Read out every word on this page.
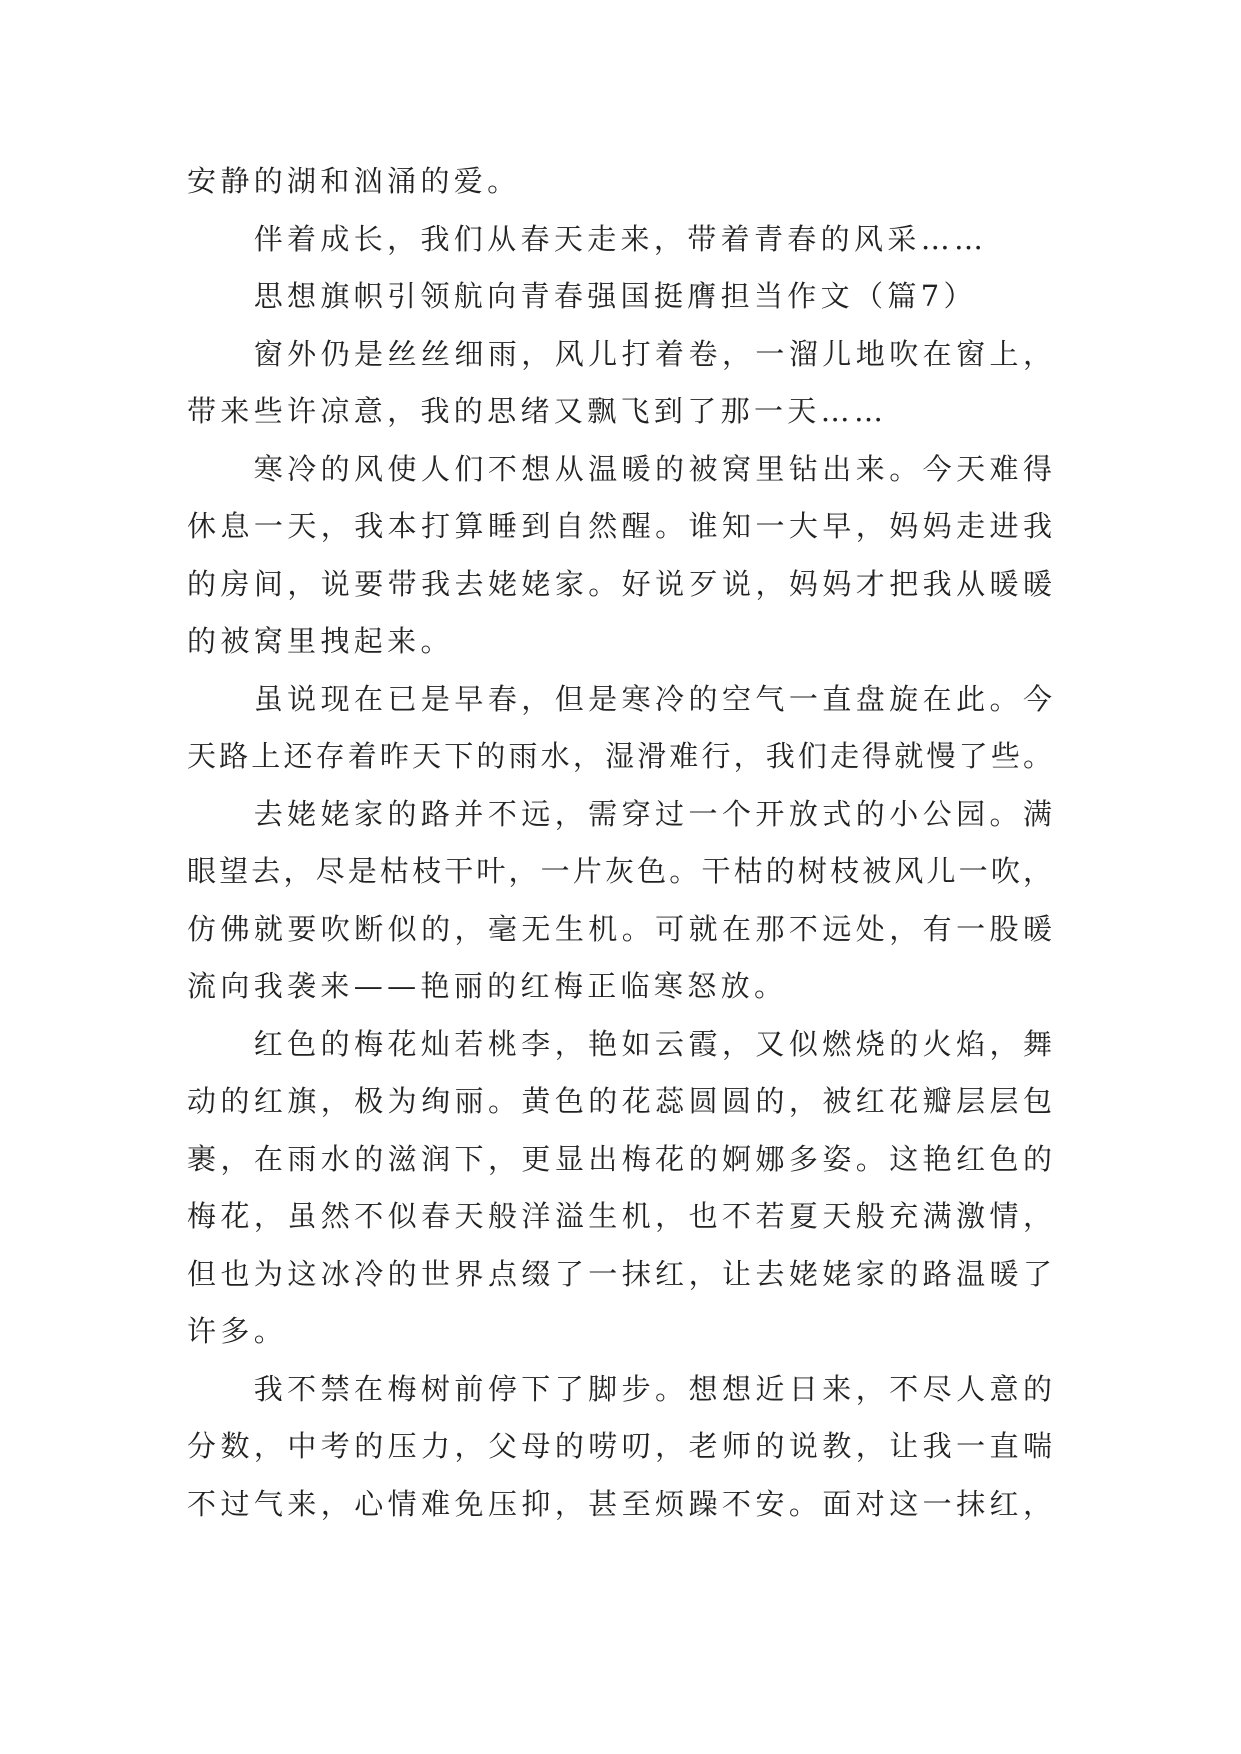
安静的湖和汹涌的爱。
伴着成长，我们从春天走来，带着青春的风采……
思想旗帜引领航向青春强国挺膺担当作文（篇7）
窗外仍是丝丝细雨，风儿打着卷，一溜儿地吹在窗上，
带来些许凉意，我的思绪又飘飞到了那一天……
寒冷的风使人们不想从温暖的被窝里钻出来。今天难得
休息一天，我本打算睡到自然醒。谁知一大早，妈妈走进我
的房间，说要带我去姥姥家。好说歹说，妈妈才把我从暖暖
的被窝里拽起来。
虽说现在已是早春，但是寒冷的空气一直盘旋在此。今
天路上还存着昨天下的雨水，湿滑难行，我们走得就慢了些。
去姥姥家的路并不远，需穿过一个开放式的小公园。满
眼望去，尽是枯枝干叶，一片灰色。干枯的树枝被风儿一吹，
仿佛就要吹断似的，毫无生机。可就在那不远处，有一股暖
流向我袭来——艳丽的红梅正临寒怒放。
红色的梅花灿若桃李，艳如云霞，又似燃烧的火焰，舞
动的红旗，极为绚丽。黄色的花蕊圆圆的，被红花瓣层层包
裹，在雨水的滋润下，更显出梅花的婀娜多姿。这艳红色的
梅花，虽然不似春天般洋溢生机，也不若夏天般充满激情，
但也为这冰冷的世界点缀了一抹红，让去姥姥家的路温暖了
许多。
我不禁在梅树前停下了脚步。想想近日来，不尽人意的
分数，中考的压力，父母的唠叨，老师的说教，让我一直喘
不过气来，心情难免压抑，甚至烦躁不安。面对这一抹红，
